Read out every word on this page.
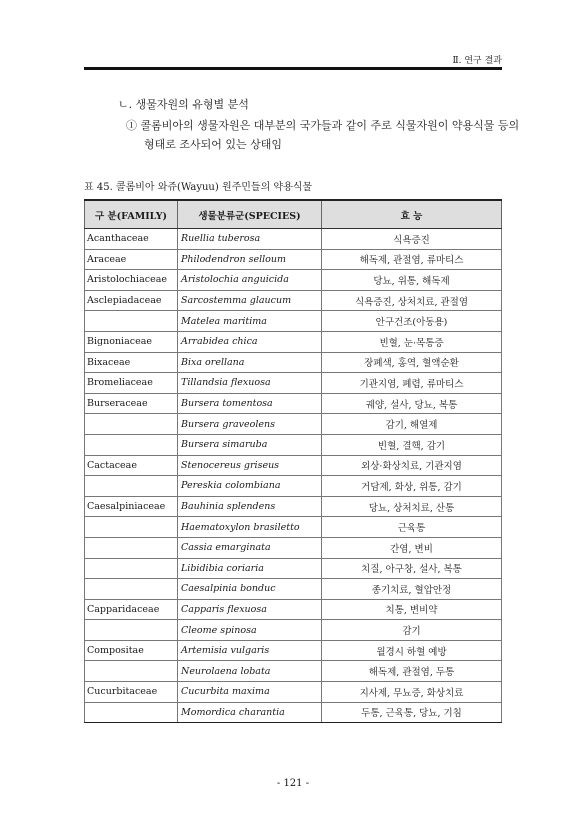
Ⅱ. 연구 결과
ㄴ. 생물자원의 유형별 분석
① 콜롬비아의 생물자원은 대부분의 국가들과 같이 주로 식물자원이 약용식물 등의 형태로 조사되어 있는 상태임
표 45. 콜롬비아 와쥬(Wayuu) 원주민들의 약용식물
구 분(FAMILY)	생물분류군(SPECIES)	효 능
Acanthaceae	Ruellia tuberosa	식욕증진
Araceae	Philodendron selloum	해독제, 관절염, 류마티스
Aristolochiaceae	Aristolochia anguicida	당뇨, 위통, 해독제
Asclepiadaceae	Sarcostemma glaucum	식욕증진, 상처치료, 관절염
	Matelea maritima	안구건조(아동용)
Bignoniaceae	Arrabidea chica	빈혈, 눈·목통증
Bixaceae	Bixa orellana	장폐색, 홍역, 혈액순환
Bromeliaceae	Tillandsia flexuosa	기관지염, 폐렴, 류마티스
Burseraceae	Bursera tomentosa	궤양, 설사, 당뇨, 복통
	Bursera graveolens	감기, 해열제
	Bursera simaruba	빈혈, 결핵, 감기
Cactaceae	Stenocereus griseus	외상·화상치료, 기관지염
	Pereskia colombiana	거담제, 화상, 위통, 감기
Caesalpiniaceae	Bauhinia splendens	당뇨, 상처치료, 산통
	Haematoxylon brasiletto	근육통
	Cassia emarginata	간염, 변비
	Libidibia coriaria	치질, 아구창, 설사, 복통
	Caesalpinia bonduc	종기치료, 혈압안정
Capparidaceae	Capparis flexuosa	치통, 변비약
	Cleome spinosa	감기
Compositae	Artemisia vulgaris	월경시 하혈 예방
	Neurolaena lobata	해독제, 관절염, 두통
Cucurbitaceae	Cucurbita maxima	지사제, 무뇨증, 화상치료
	Momordica charantia	두통, 근육통, 당뇨, 기침
- 121 -
